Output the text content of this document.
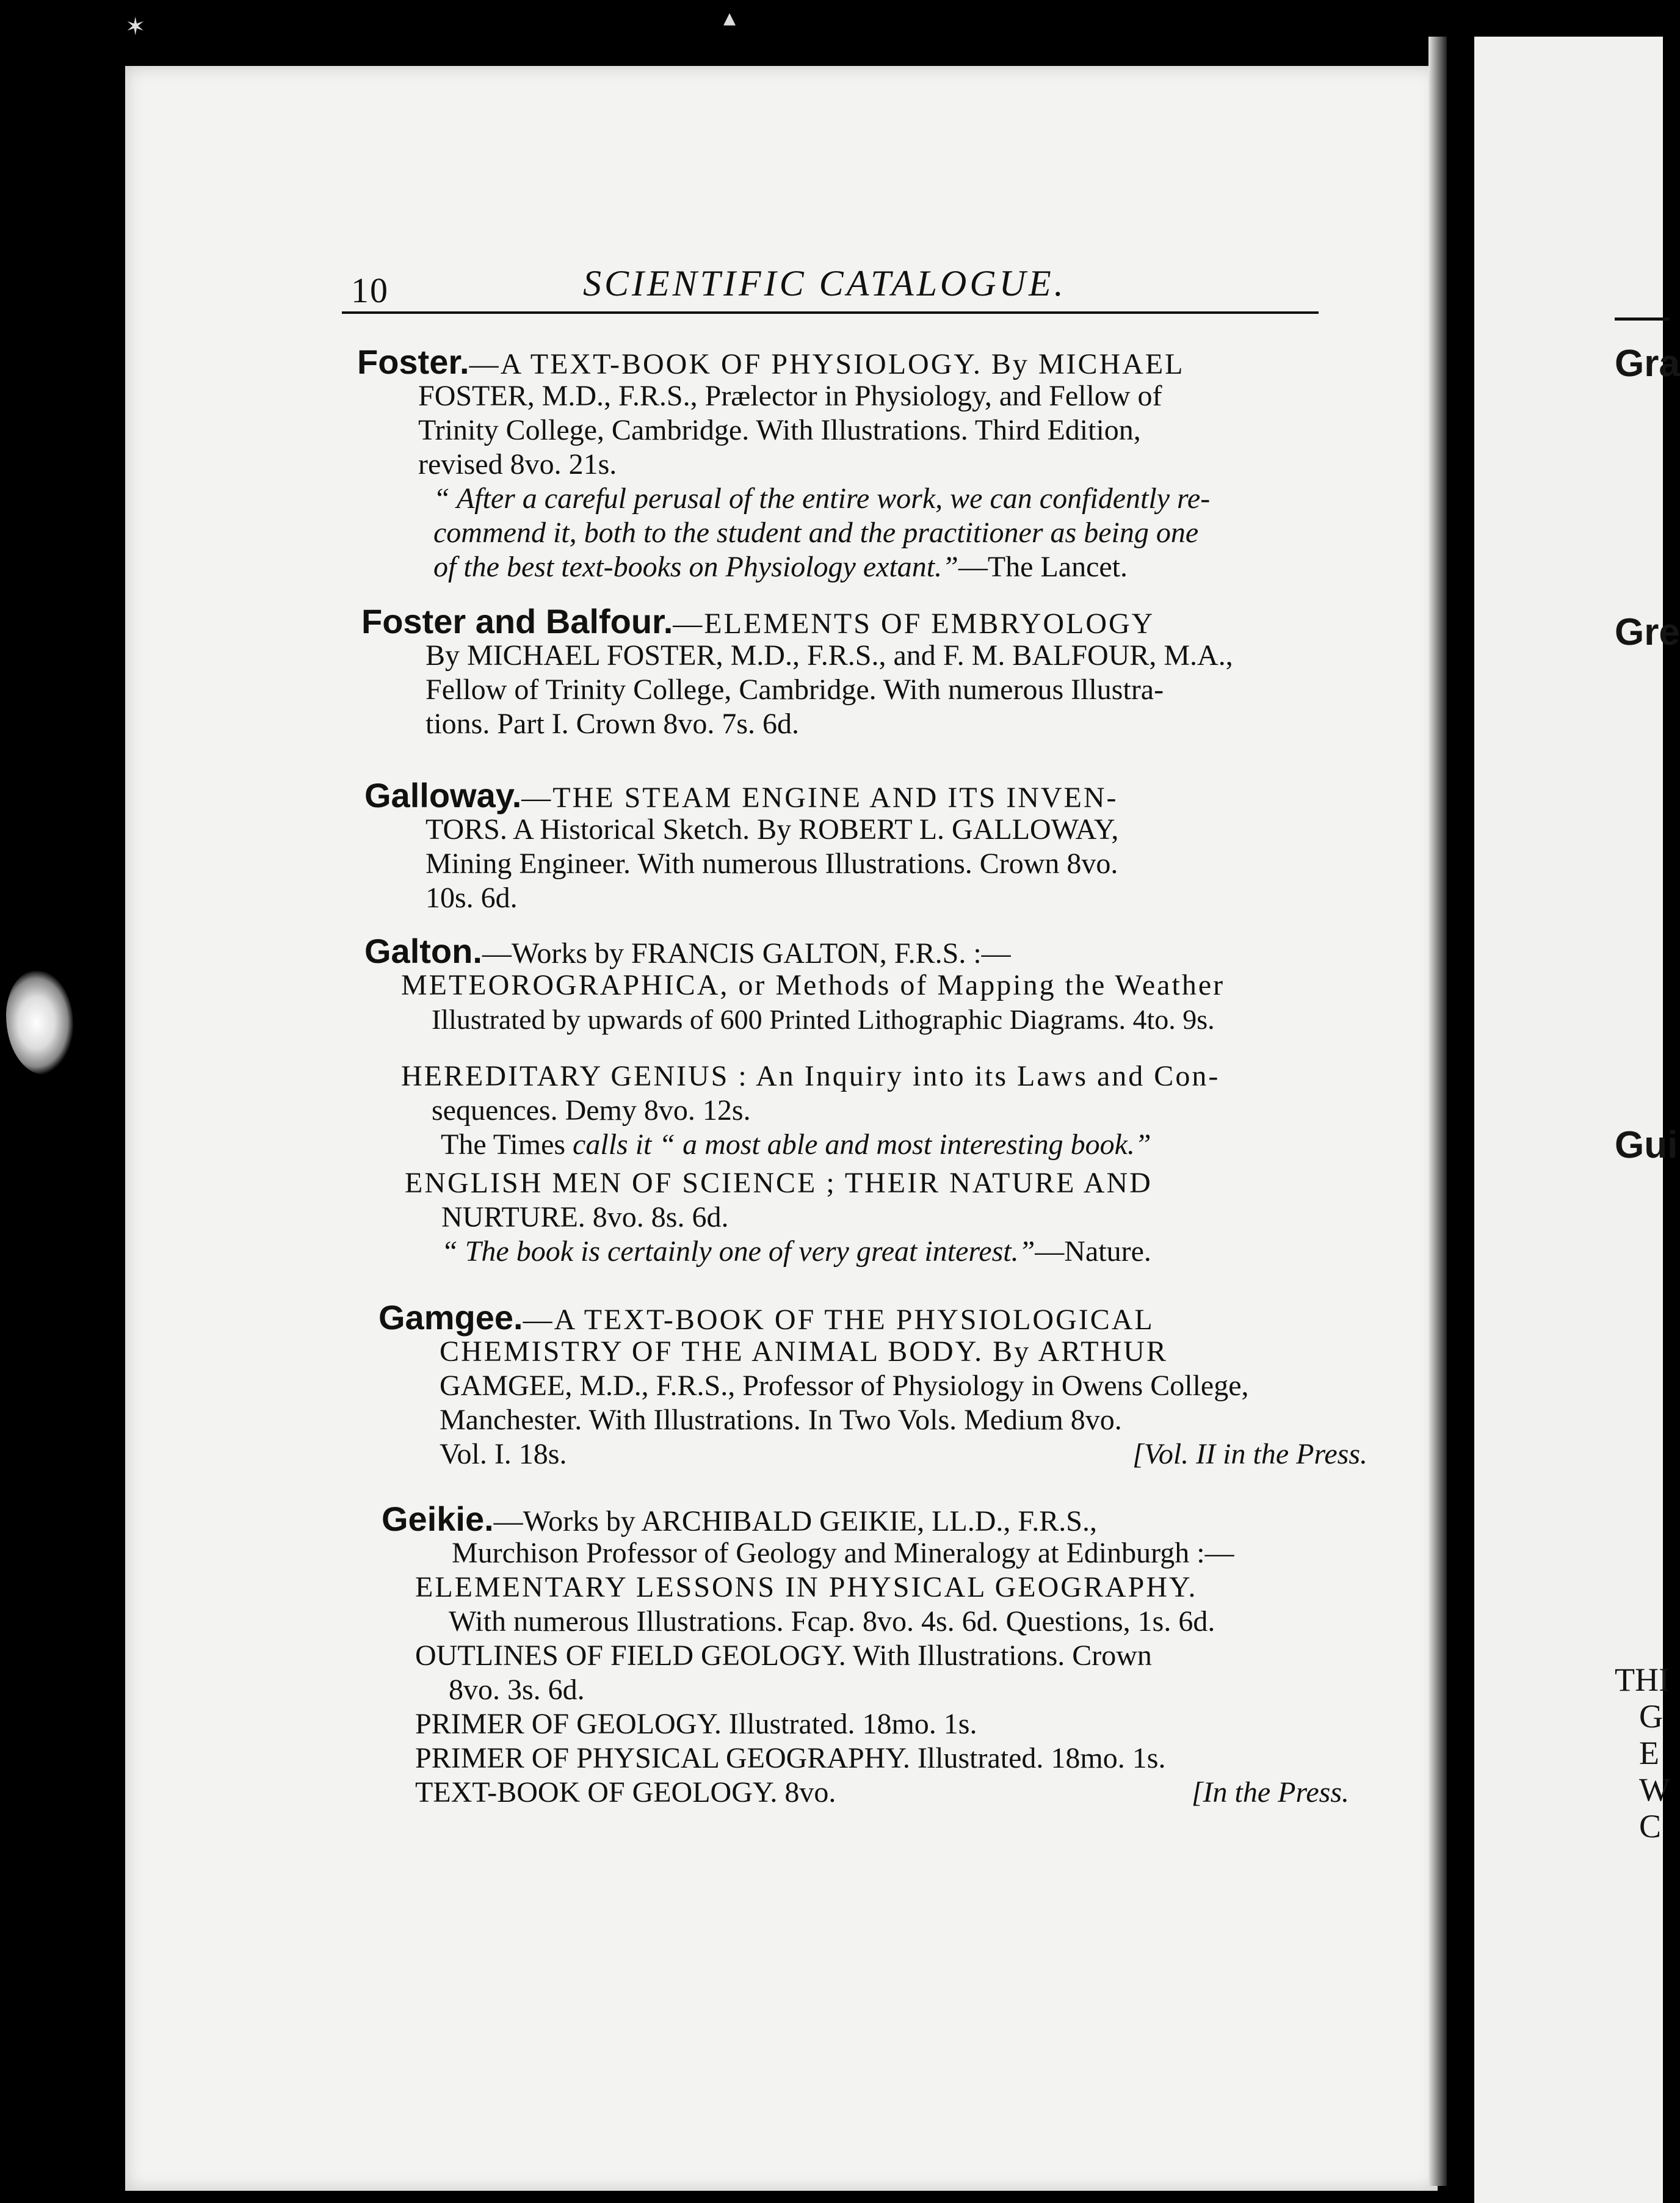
Gra
Gre
Gui
THI
G
E
W
C
✶	▴
10	SCIENTIFIC CATALOGUE.
Foster.—A TEXT-BOOK OF PHYSIOLOGY. By MICHAEL
FOSTER, M.D., F.R.S., Prælector in Physiology, and Fellow of
Trinity College, Cambridge. With Illustrations. Third Edition,
revised 8vo. 21s.
“ After a careful perusal of the entire work, we can confidently re-
commend it, both to the student and the practitioner as being one
of the best text-books on Physiology extant.”—The Lancet.
Foster and Balfour.—ELEMENTS OF EMBRYOLOGY
By MICHAEL FOSTER, M.D., F.R.S., and F. M. BALFOUR, M.A.,
Fellow of Trinity College, Cambridge. With numerous Illustra-
tions. Part I. Crown 8vo. 7s. 6d.
Galloway.—THE STEAM ENGINE AND ITS INVEN-
TORS. A Historical Sketch. By ROBERT L. GALLOWAY,
Mining Engineer. With numerous Illustrations. Crown 8vo.
10s. 6d.
Galton.—Works by FRANCIS GALTON, F.R.S. :—
METEOROGRAPHICA, or Methods of Mapping the Weather
Illustrated by upwards of 600 Printed Lithographic Diagrams. 4to. 9s.
HEREDITARY GENIUS : An Inquiry into its Laws and Con-
sequences. Demy 8vo. 12s.
The Times calls it “ a most able and most interesting book.”
ENGLISH MEN OF SCIENCE ; THEIR NATURE AND
NURTURE. 8vo. 8s. 6d.
“ The book is certainly one of very great interest.”—Nature.
Gamgee.—A TEXT-BOOK OF THE PHYSIOLOGICAL
CHEMISTRY OF THE ANIMAL BODY. By ARTHUR
GAMGEE, M.D., F.R.S., Professor of Physiology in Owens College,
Manchester. With Illustrations. In Two Vols. Medium 8vo.
Vol. I. 18s.	[Vol. II in the Press.
Geikie.—Works by ARCHIBALD GEIKIE, LL.D., F.R.S.,
Murchison Professor of Geology and Mineralogy at Edinburgh :—
ELEMENTARY LESSONS IN PHYSICAL GEOGRAPHY.
With numerous Illustrations. Fcap. 8vo. 4s. 6d. Questions, 1s. 6d.
OUTLINES OF FIELD GEOLOGY. With Illustrations. Crown
8vo. 3s. 6d.
PRIMER OF GEOLOGY. Illustrated. 18mo. 1s.
PRIMER OF PHYSICAL GEOGRAPHY. Illustrated. 18mo. 1s.
TEXT-BOOK OF GEOLOGY. 8vo.	[In the Press.
